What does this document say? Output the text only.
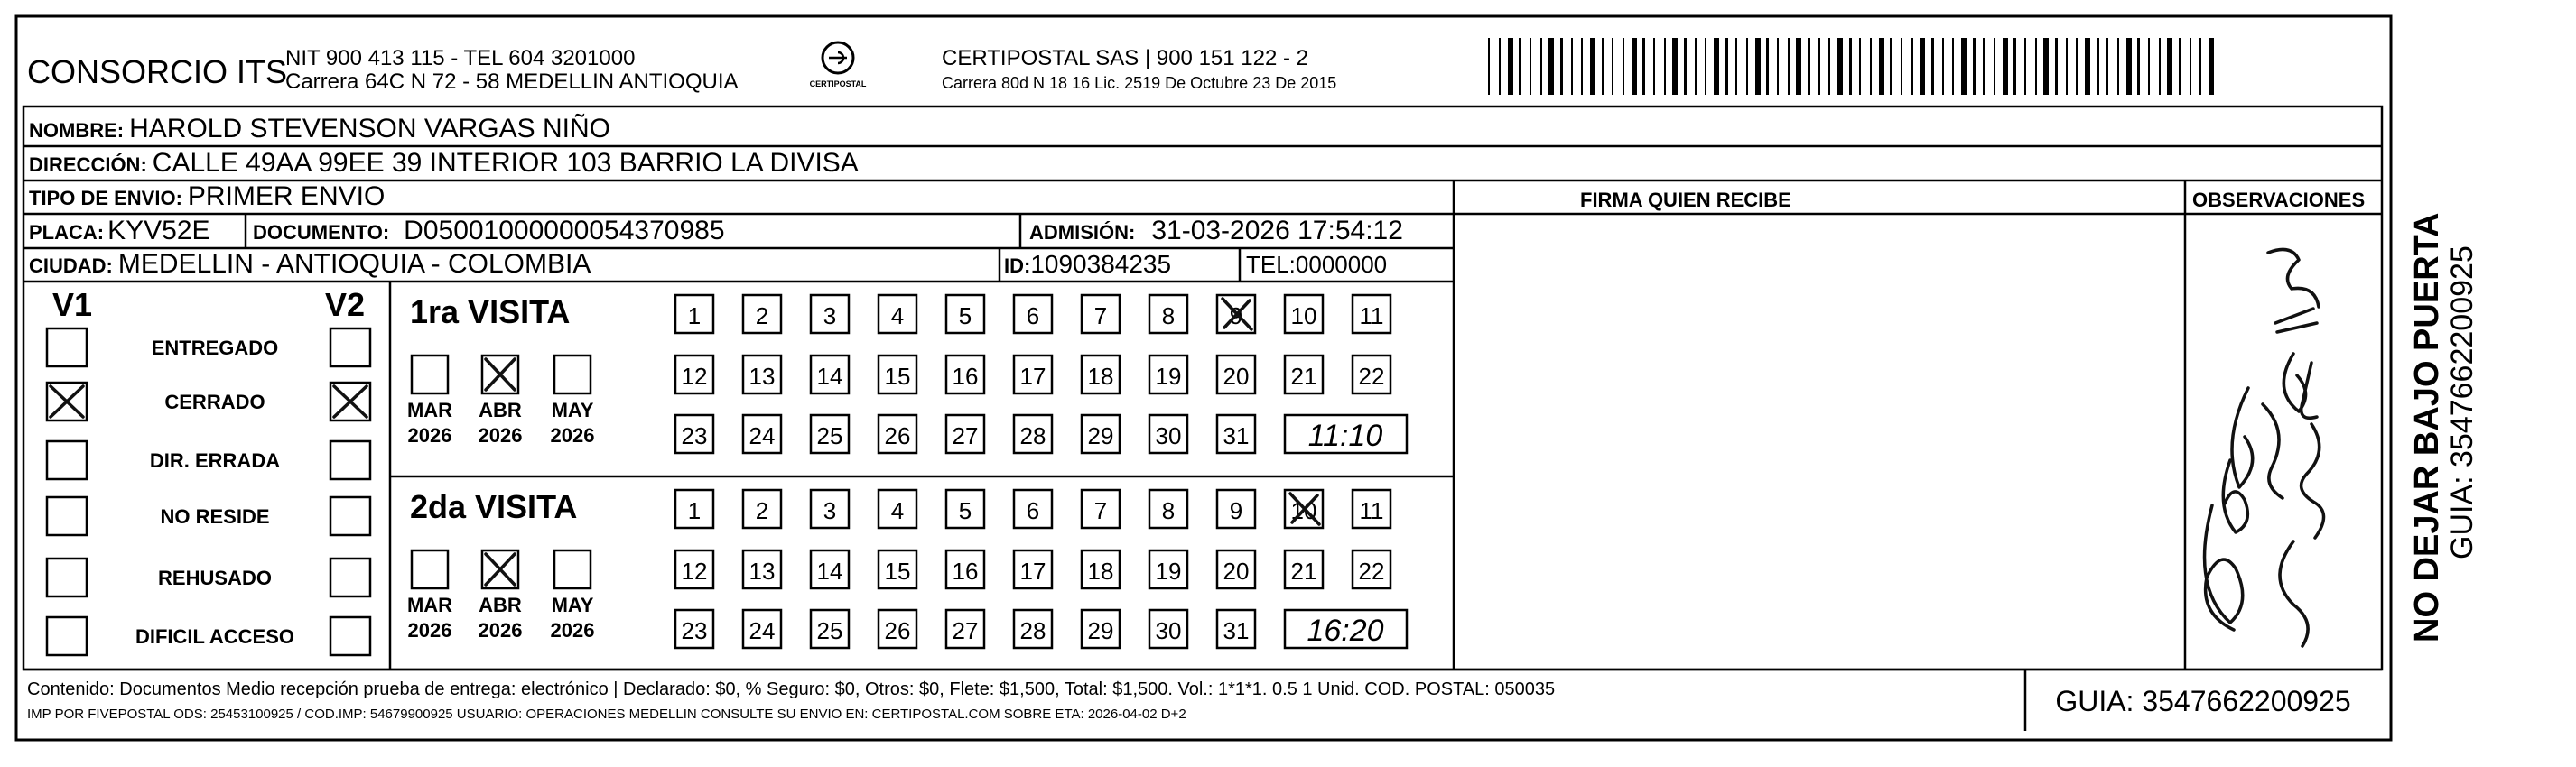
CONSORCIO ITS
NIT 900 413 115 - TEL 604 3201000
Carrera 64C N 72 - 58 MEDELLIN ANTIOQUIA	CERTIPOSTAL
CERTIPOSTAL SAS | 900 151 122 - 2
Carrera 80d N 18 16 Lic. 2519 De Octubre 23 De 2015
NOMBRE: HAROLD STEVENSON VARGAS NIÑO
DIRECCIÓN: CALLE 49AA 99EE 39 INTERIOR 103 BARRIO LA DIVISA
TIPO DE ENVIO: PRIMER ENVIO	FIRMA QUIEN RECIBE	OBSERVACIONES
PLACA: KYV52E DOCUMENTO: D05001000000054370985	ADMISIÓN: 31-03-2026 17:54:12
CIUDAD: MEDELLIN - ANTIOQUIA - COLOMBIA	ID:1090384235	TEL:0000000
V1	V2
ENTREGADO
CERRADO
DIR. ERRADA
NO RESIDE
REHUSADO
DIFICIL ACCESO
1ra VISITA
MAR
2026
ABR
2026
MAY
2026
1 2 3 4 5 6 7 8 9 10 11
12 13 14 15 16 17 18 19 20 21 22
23 24 25 26 27 28 29 30 31 11:10
2da VISITA
MAR
2026
ABR
2026
MAY
2026
1 2 3 4 5 6 7 8 9 10 11
12 13 14 15 16 17 18 19 20 21 22
23 24 25 26 27 28 29 30 31 16:20
Contenido: Documentos Medio recepción prueba de entrega: electrónico | Declarado: $0, % Seguro: $0, Otros: $0, Flete: $1,500, Total: $1,500. Vol.: 1*1*1. 0.5 1 Unid. COD. POSTAL: 050035
IMP POR FIVEPOSTAL ODS: 25453100925 / COD.IMP: 54679900925 USUARIO: OPERACIONES MEDELLIN CONSULTE SU ENVIO EN: CERTIPOSTAL.COM SOBRE ETA: 2026-04-02 D+2	GUIA: 3547662200925
NO DEJAR BAJO PUERTA GUIA: 3547662200925
